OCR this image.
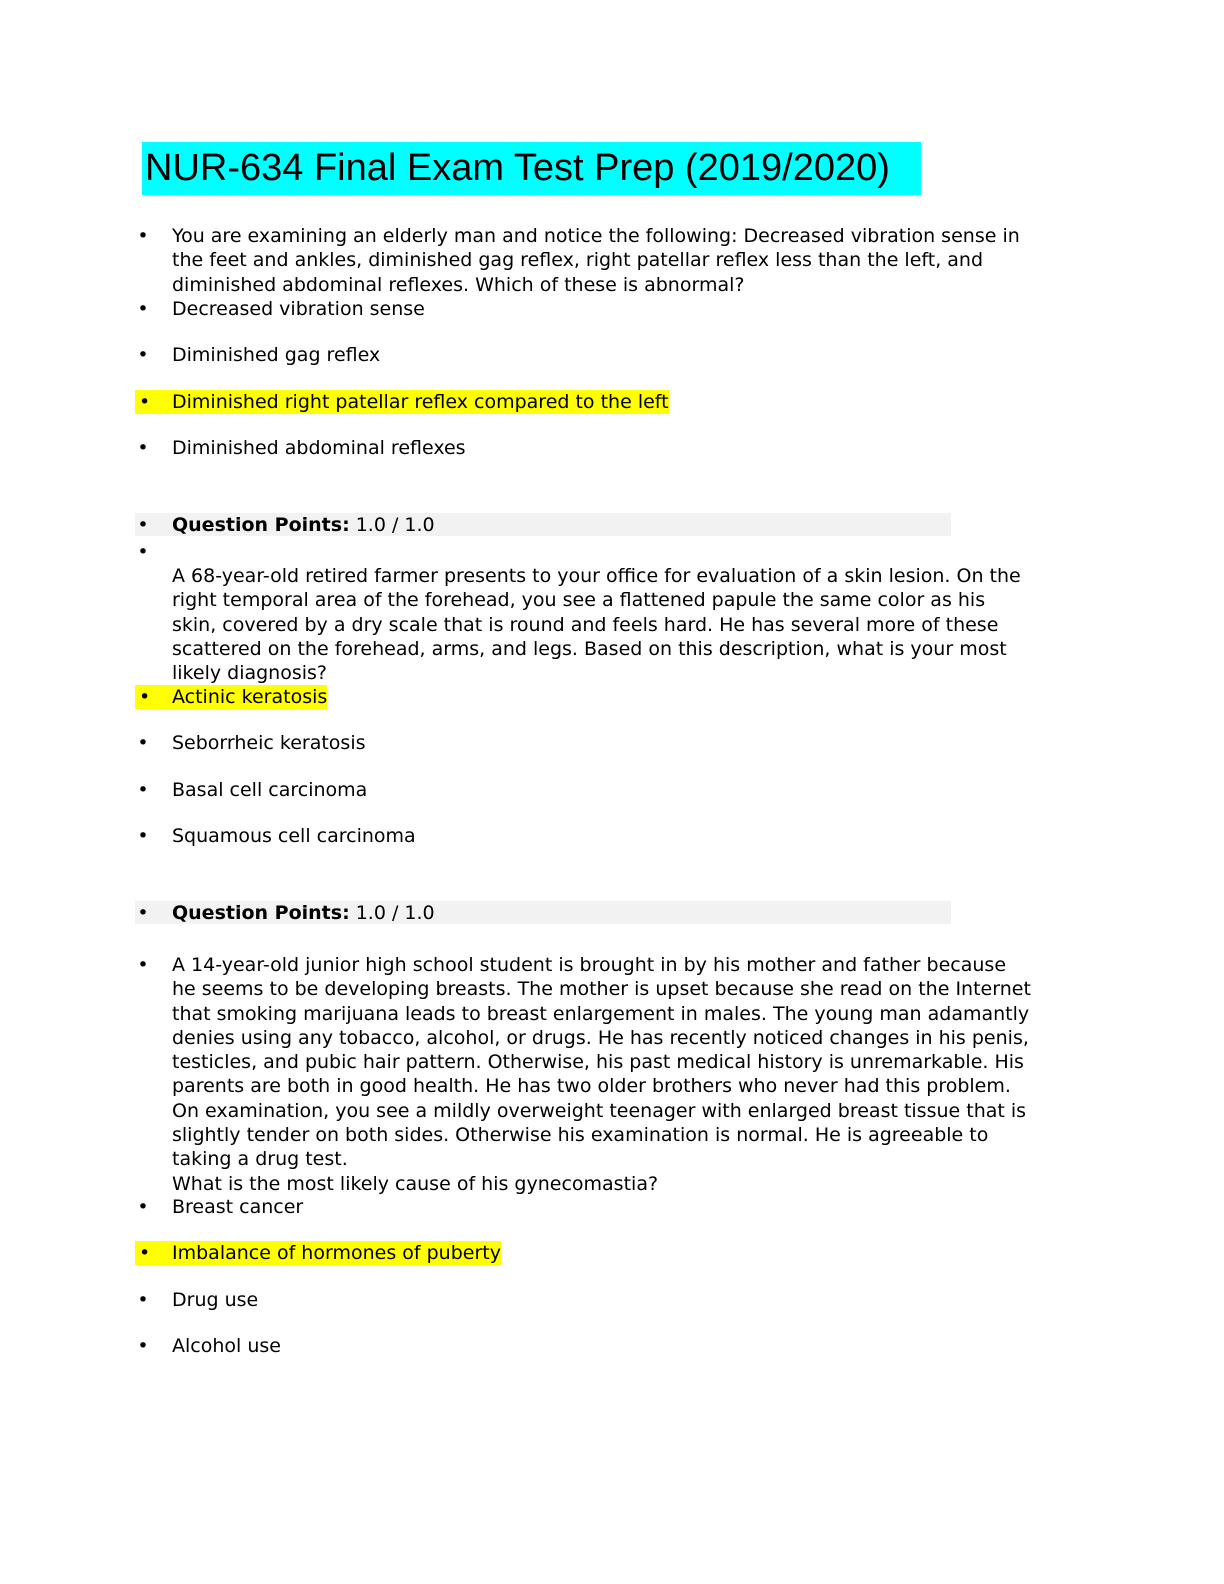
NUR-634 Final Exam Test Prep (2019/2020)
• You are examining an elderly man and notice the following: Decreased vibration sense in the feet and ankles, diminished gag reflex, right patellar reflex less than the left, and diminished abdominal reflexes. Which of these is abnormal?
• Decreased vibration sense
• Diminished gag reflex
•	Diminished right patellar reflex compared to the left
• Diminished abdominal reflexes
• Question Points: 1.0 / 1.0
•
A 68-year-old retired farmer presents to your office for evaluation of a skin lesion. On the right temporal area of the forehead, you see a flattened papule the same color as his skin, covered by a dry scale that is round and feels hard. He has several more of these scattered on the forehead, arms, and legs. Based on this description, what is your most likely diagnosis?
•	Actinic keratosis
• Seborrheic keratosis
• Basal cell carcinoma
• Squamous cell carcinoma
• Question Points: 1.0 / 1.0
• A 14-year-old junior high school student is brought in by his mother and father because he seems to be developing breasts. The mother is upset because she read on the Internet that smoking marijuana leads to breast enlargement in males. The young man adamantly denies using any tobacco, alcohol, or drugs. He has recently noticed changes in his penis, testicles, and pubic hair pattern. Otherwise, his past medical history is unremarkable. His parents are both in good health. He has two older brothers who never had this problem. On examination, you see a mildly overweight teenager with enlarged breast tissue that is slightly tender on both sides. Otherwise his examination is normal. He is agreeable to taking a drug test.
What is the most likely cause of his gynecomastia?
• Breast cancer
•	Imbalance of hormones of puberty
• Drug use
• Alcohol use
